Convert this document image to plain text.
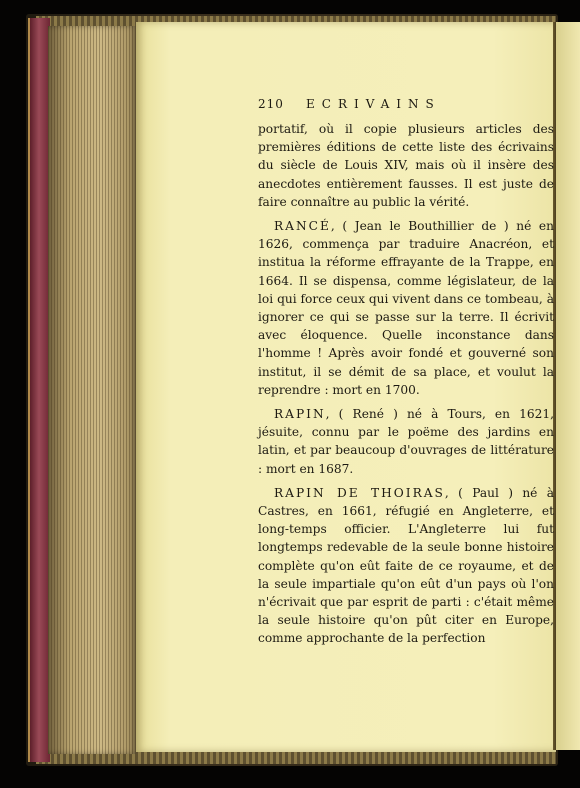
210	ECRIVAINS

portatif, où il copie plusieurs articles des premières éditions de cette liste des écrivains du siècle de Louis XIV, mais où il insère des anecdotes entièrement fausses. Il est juste de faire connaître au public la vérité.

RANCÉ, ( Jean le Bouthillier de ) né en 1626, commença par traduire Anacréon, et institua la réforme effrayante de la Trappe, en 1664. Il se dispensa, comme législateur, de la loi qui force ceux qui vivent dans ce tombeau, à ignorer ce qui se passe sur la terre. Il écrivit avec éloquence. Quelle inconstance dans l'homme ! Après avoir fondé et gouverné son institut, il se démit de sa place, et voulut la reprendre : mort en 1700.

RAPIN, ( René ) né à Tours, en 1621, jésuite, connu par le poëme des jardins en latin, et par beaucoup d'ouvrages de littérature : mort en 1687.

RAPIN DE THOIRAS, ( Paul ) né à Castres, en 1661, réfugié en Angleterre, et long-temps officier. L'Angleterre lui fut longtemps redevable de la seule bonne histoire complète qu'on eût faite de ce royaume, et de la seule impartiale qu'on eût d'un pays où l'on n'écrivait que par esprit de parti : c'était même la seule histoire qu'on pût citer en Europe, comme approchante de la perfection
